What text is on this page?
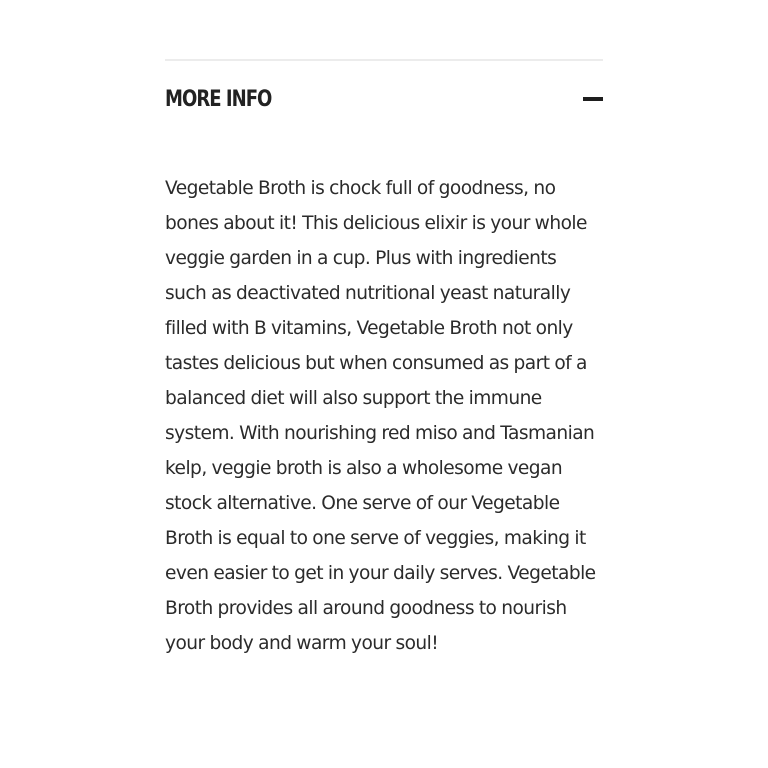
MORE INFO
Vegetable Broth is chock full of goodness, no
bones about it! This delicious elixir is your whole
veggie garden in a cup. Plus with ingredients
such as deactivated nutritional yeast naturally
filled with B vitamins, Vegetable Broth not only
tastes delicious but when consumed as part of a
balanced diet will also support the immune
system. With nourishing red miso and Tasmanian
kelp, veggie broth is also a wholesome vegan
stock alternative. One serve of our Vegetable
Broth is equal to one serve of veggies, making it
even easier to get in your daily serves. Vegetable
Broth provides all around goodness to nourish
your body and warm your soul!
